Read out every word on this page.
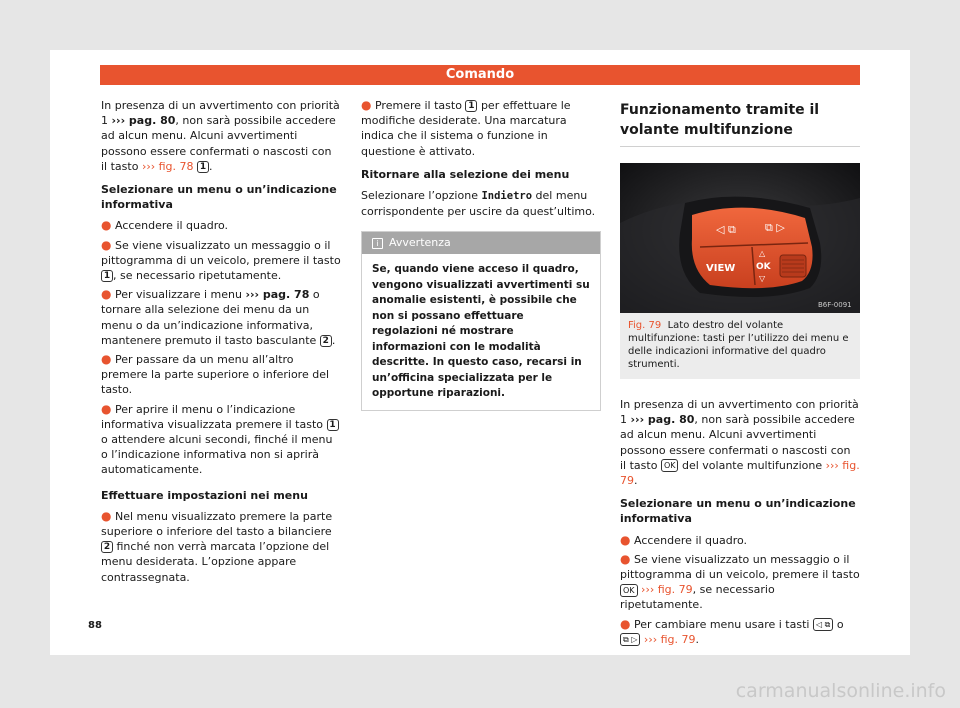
Comando

In presenza di un avvertimento con priorità 1 ››› pag. 80, non sarà possibile accedere ad alcun menu. Alcuni avvertimenti possono essere confermati o nascosti con il tasto ››› fig. 78 1 .

Selezionare un menu o un’indicazione informativa

● Accendere il quadro.

● Se viene visualizzato un messaggio o il pittogramma di un veicolo, premere il tasto 1 , se necessario ripetutamente.

● Per visualizzare i menu ››› pag. 78 o tornare alla selezione dei menu da un menu o da un’indicazione informativa, mantenere premuto il tasto basculante 2 .

● Per passare da un menu all’altro premere la parte superiore o inferiore del tasto.

● Per aprire il menu o l’indicazione informativa visualizzata premere il tasto 1 o attendere alcuni secondi, finché il menu o l’indicazione informativa non si aprirà automaticamente.

Effettuare impostazioni nei menu

● Nel menu visualizzato premere la parte superiore o inferiore del tasto a bilanciere 2 finché non verrà marcata l’opzione del menu desiderata. L’opzione appare contrassegnata.

● Premere il tasto 1 per effettuare le modifiche desiderate. Una marcatura indica che il sistema o funzione in questione è attivato.

Ritornare alla selezione dei menu

Selezionare l’opzione Indietro del menu corrispondente per uscire da quest’ultimo.

i Avvertenza
Se, quando viene acceso il quadro, vengono visualizzati avvertimenti su anomalie esistenti, è possibile che non si possano effettuare regolazioni né mostrare informazioni con le modalità descritte. In questo caso, recarsi in un’officina specializzata per le opportune riparazioni.
Funzionamento tramite il volante multifunzione
◁ ⧉	⧉ ▷
VIEW
△
OK
▽
B6F-0091
Fig. 79 Lato destro del volante multifunzione: tasti per l’utilizzo dei menu e delle indicazioni informative del quadro strumenti.

In presenza di un avvertimento con priorità 1 ››› pag. 80, non sarà possibile accedere ad alcun menu. Alcuni avvertimenti possono essere confermati o nascosti con il tasto OK del volante multifunzione ››› fig. 79.

Selezionare un menu o un’indicazione informativa

● Accendere il quadro.

● Se viene visualizzato un messaggio o il pittogramma di un veicolo, premere il tasto OK ››› fig. 79, se necessario ripetutamente.

● Per cambiare menu usare i tasti ◁ ⧉ o ⧉ ▷ ››› fig. 79.

88
carmanualsonline.info
